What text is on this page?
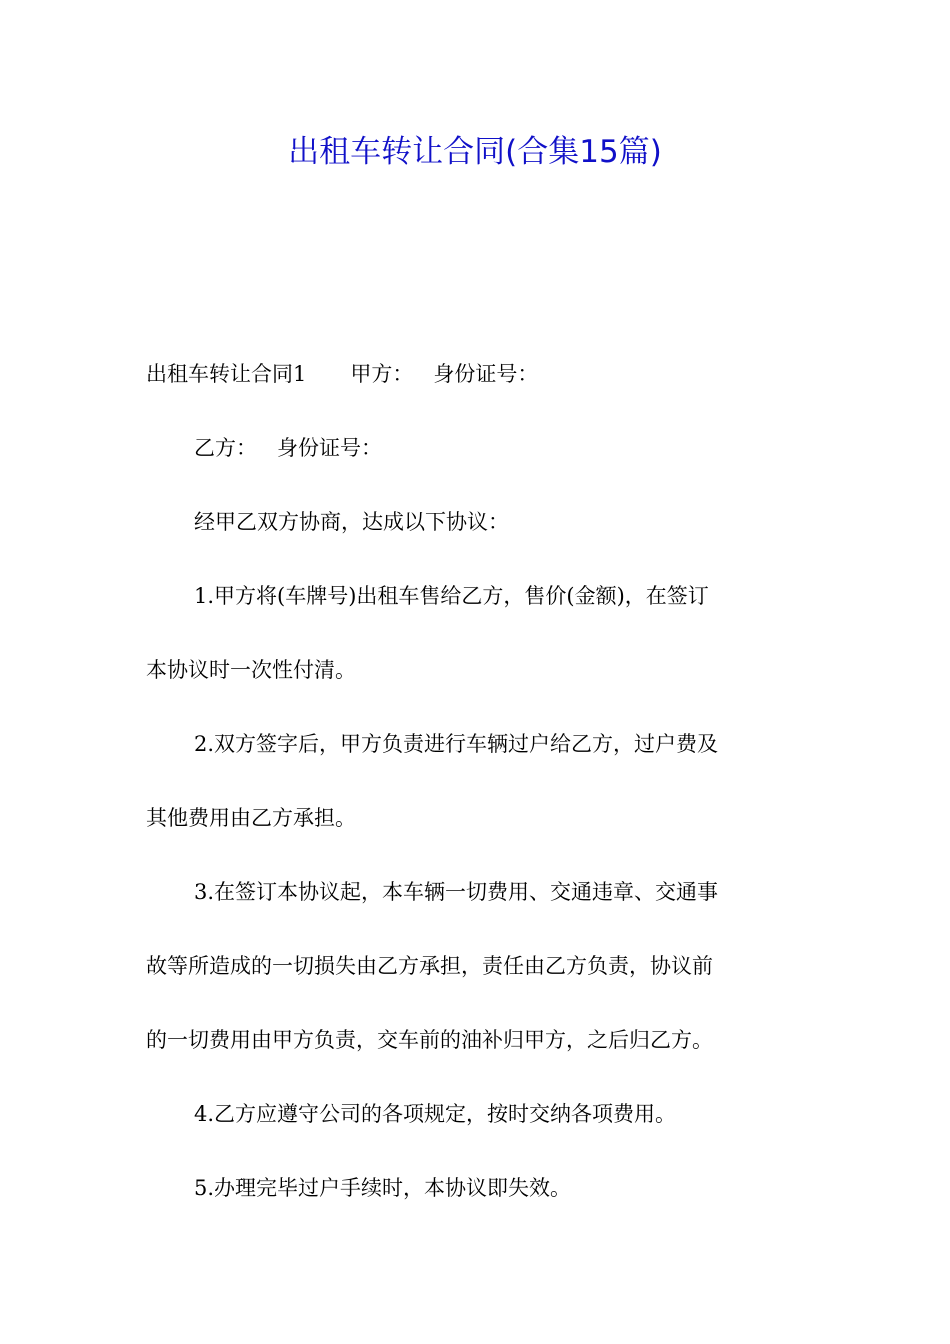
出租车转让合同(合集15篇)

出租车转让合同1 甲方： 身份证号：

乙方： 身份证号：

经甲乙双方协商，达成以下协议：

1.甲方将(车牌号)出租车售给乙方，售价(金额)，在签订

本协议时一次性付清。

2.双方签字后，甲方负责进行车辆过户给乙方，过户费及

其他费用由乙方承担。

3.在签订本协议起，本车辆一切费用、交通违章、交通事

故等所造成的一切损失由乙方承担，责任由乙方负责，协议前

的一切费用由甲方负责，交车前的油补归甲方，之后归乙方。

4.乙方应遵守公司的各项规定，按时交纳各项费用。

5.办理完毕过户手续时，本协议即失效。
